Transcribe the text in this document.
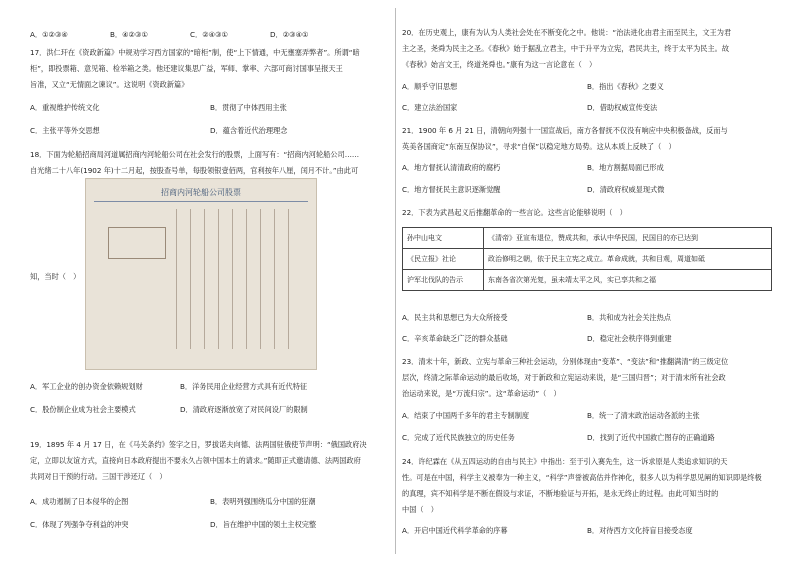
A．①②③④	B．④②③①	C．②④③①	D．②③④①
17．洪仁玕在《资政新篇》中规劝学习西方国家的“暗柜”制，使“上下情通，中无壅塞弄弊者”。所谓“暗
柜”，即投票箱、意见箱、检举箱之类。他还建议集思广益，军师、掌率、六部可商讨国事呈报天王
旨准，又立“无情面之谏议”。这说明《资政新篇》
A．重视维护传统文化	B．贯彻了中体西用主张
C．主张平等外交思想	D．蕴含着近代治理理念
18．下面为轮船招商局河道属招商内河轮船公司在社会发行的股票，上面写有：“招商内河轮船公司……
自光绪二十八年(1902 年)十二月起，按股查号单，每股领银壹佰两，官利按年八厘，闰月不计。”由此可
知，当时（　）
招商内河轮船公司股票
A．军工企业的创办资金依赖规划财	B．洋务民用企业经营方式具有近代特征
C．股份制企业成为社会主要模式	D．清政府逐渐放宽了对民间设厂的限制
19．1895 年 4 月 17 日，在《马关条约》签字之日，罗拔诺夫向德、法两国驻俄使节声明：“俄国政府决
定，立即以友谊方式，直接向日本政府提出不要永久占领中国本土的请求。”随即正式邀请德、法两国政府
共同对日干预的行动。三国干涉还辽（　）
A．成功遏制了日本侵华的企图	B．表明列强围绕瓜分中国的狂潮
C．体现了列强争夺利益的冲突	D．旨在维护中国的领土主权完整
20．在历史观上，康有为认为人类社会处在不断变化之中。他说：“治法进化由君主而至民主，文王为君
主之圣，尧舜为民主之圣。《春秋》始于据乱立君主，中于升平为立宪，君民共主，终于太平为民主。故
《春秋》始言文王，终道尧舜也。”康有为这一言论意在（　）
A．顺乎守旧思想	B．指出《春秋》之要义
C．建立法治国家	D．借助权威宣传变法
21．1900 年 6 月 21 日，清朝向列强十一国宣战后，南方各督抚不仅没有响应中央积极备战，反而与
英美各国商定“东南互保协议”，寻求“自保”以稳定地方局势。这从本质上反映了（　）
A．地方督抚认清清政府的腐朽	B．地方割据局面已形成
C．地方督抚民主意识逐渐觉醒	D．清政府权威显现式微
22．下表为武昌起义后推翻革命的一些言论。这些言论能够说明（　）
孙中山电文	《清帝》亚宣布退位，赞成共和，承认中华民国，民国目的亦已达到
《民立报》社论	政治修明之朝，依于民主立宪之成立。革命成就，共和目观，周道如砥
沪军北伐队的告示	东南各省次第光复，虽未靖太平之风，实已享共和之福
A．民主共和思想已为大众所接受	B．共和成为社会关注热点
C．辛亥革命缺乏广泛的群众基础	D．稳定社会秩序得到重建
23．清末十年，新政、立宪与革命三种社会运动，分别体现由“变革”、“变法”和“推翻满清”的三级定位
层次，终清之际革命运动的最后收场，对于新政和立宪运动来说，是“三国归晋”；对于清末所有社会政
治运动来说，是“万流归宗”。这“革命运动”（　）
A．结束了中国两千多年的君主专制制度	B．统一了清末政治运动各派的主张
C．完成了近代民族独立的历史任务	D．找到了近代中国救亡图存的正确道路
24．许纪霖在《从五四运动的自由与民主》中指出：至于引入赛先生，这一诉求原是人类追求知识的天
性。可是在中国，科学主义被奉为一种主义，“科学”声誉被高估并作神化，很多人以为科学思见阐的知识即是终极
的真理，宾不知科学是不断在假设与求证，不断地验证与开拓，是永无终止的过程。由此可知当时的
中国（　）
A．开启中国近代科学革命的序幕	B．对待西方文化持盲目接受态度
